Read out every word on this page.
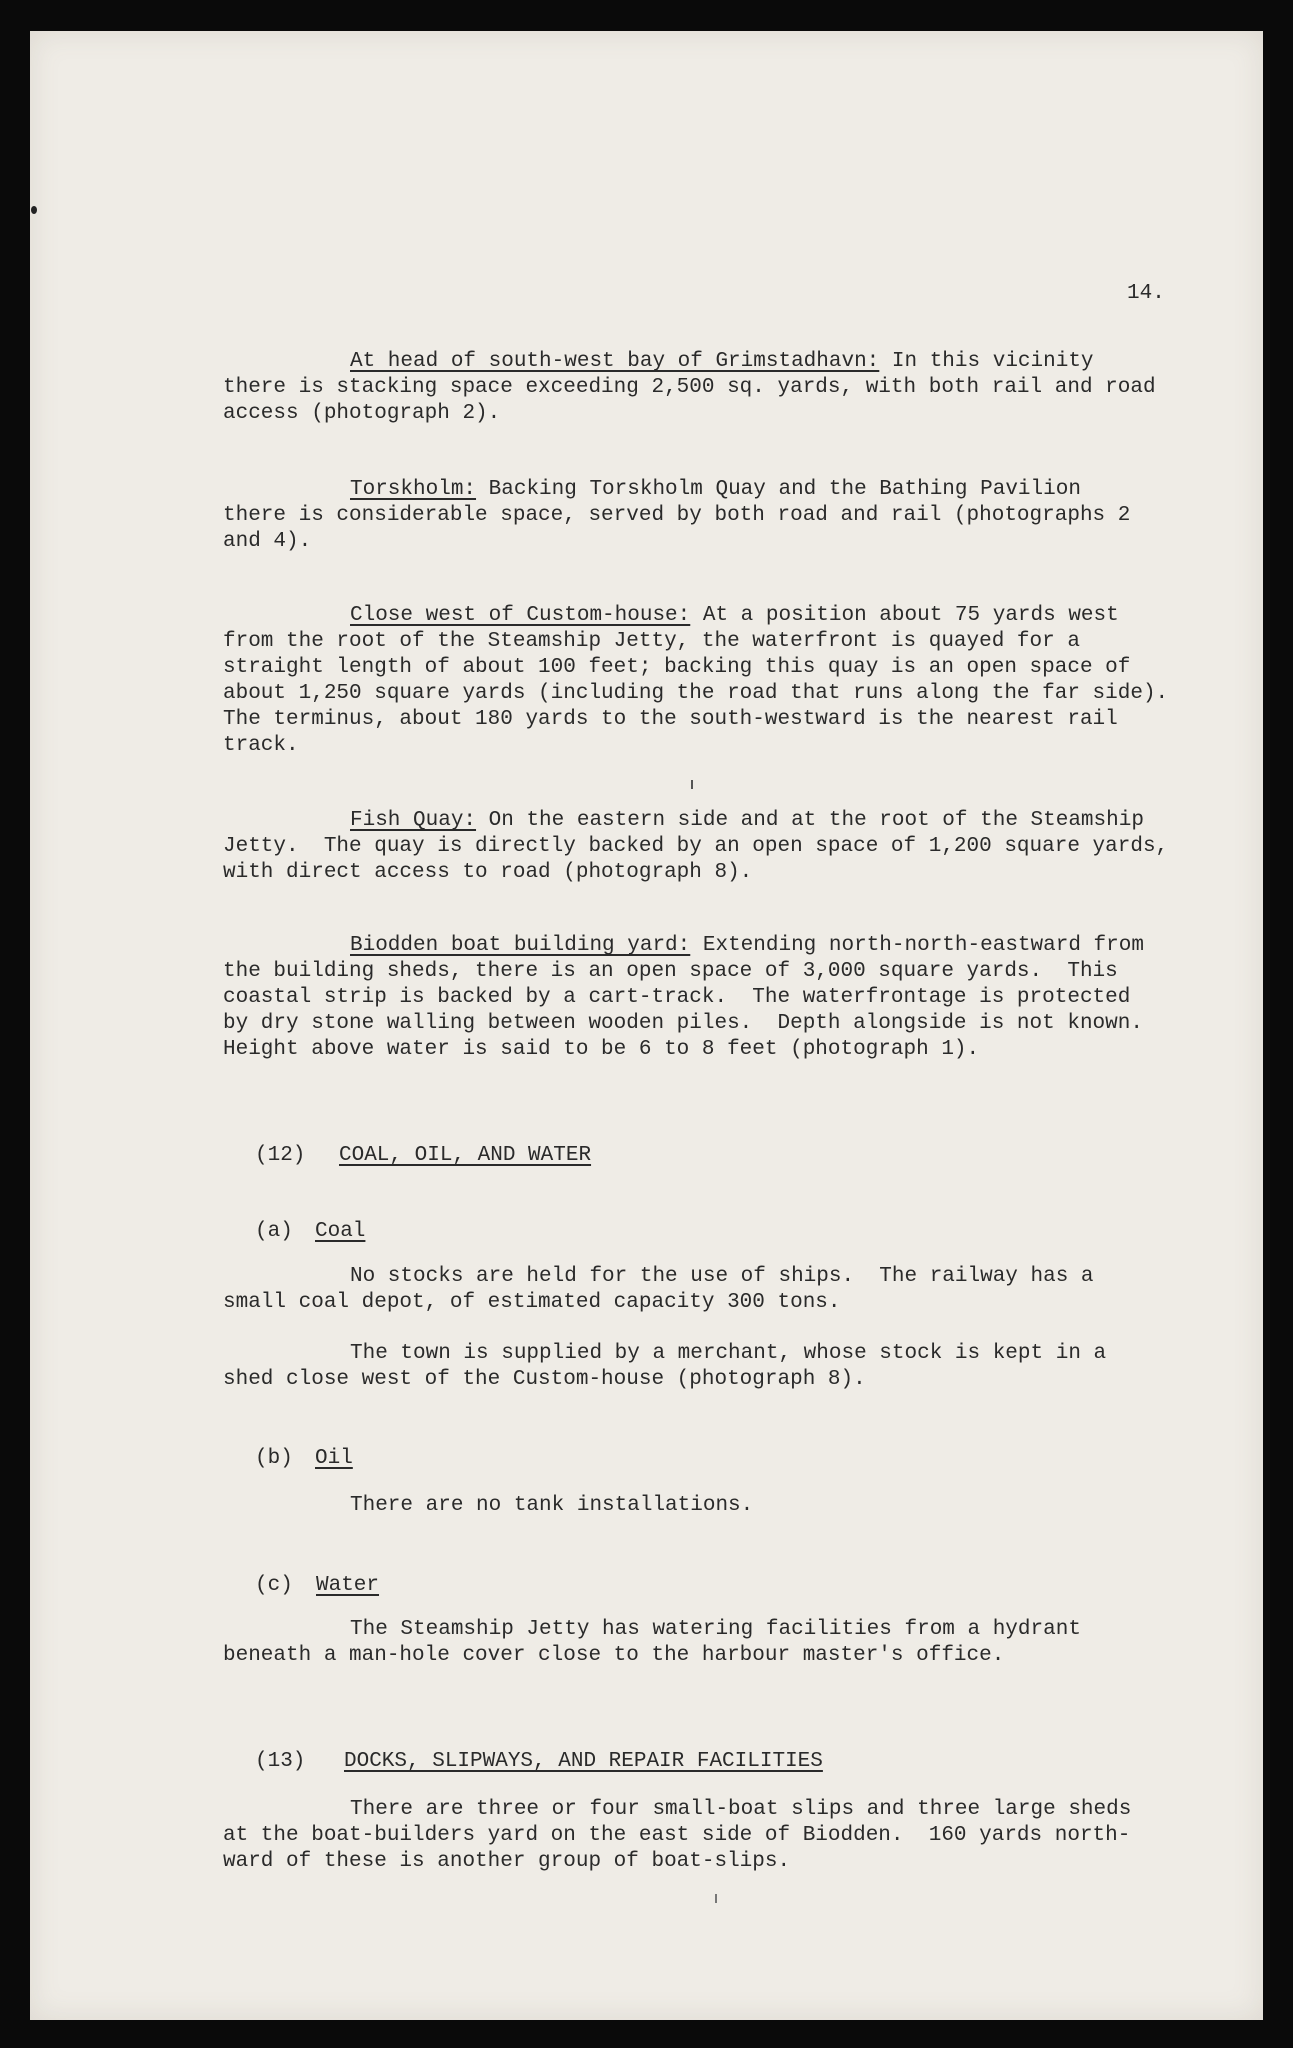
14.
At head of south-west bay of Grimstadhavn: In this vicinity
there is stacking space exceeding 2,500 sq. yards, with both rail and road
access (photograph 2).
Torskholm: Backing Torskholm Quay and the Bathing Pavilion
there is considerable space, served by both road and rail (photographs 2
and 4).
Close west of Custom-house: At a position about 75 yards west
from the root of the Steamship Jetty, the waterfront is quayed for a
straight length of about 100 feet; backing this quay is an open space of
about 1,250 square yards (including the road that runs along the far side).
The terminus, about 180 yards to the south-westward is the nearest rail
track.
Fish Quay: On the eastern side and at the root of the Steamship
Jetty.  The quay is directly backed by an open space of 1,200 square yards,
with direct access to road (photograph 8).
Biodden boat building yard: Extending north-north-eastward from
the building sheds, there is an open space of 3,000 square yards.  This
coastal strip is backed by a cart-track.  The waterfrontage is protected
by dry stone walling between wooden piles.  Depth alongside is not known.
Height above water is said to be 6 to 8 feet (photograph 1).
(12) COAL, OIL, AND WATER
(a) Coal
No stocks are held for the use of ships.  The railway has a
small coal depot, of estimated capacity 300 tons.
The town is supplied by a merchant, whose stock is kept in a
shed close west of the Custom-house (photograph 8).
(b) Oil
There are no tank installations.
(c) Water
The Steamship Jetty has watering facilities from a hydrant
beneath a man-hole cover close to the harbour master's office.
(13) DOCKS, SLIPWAYS, AND REPAIR FACILITIES
There are three or four small-boat slips and three large sheds
at the boat-builders yard on the east side of Biodden.  160 yards north-
ward of these is another group of boat-slips.
